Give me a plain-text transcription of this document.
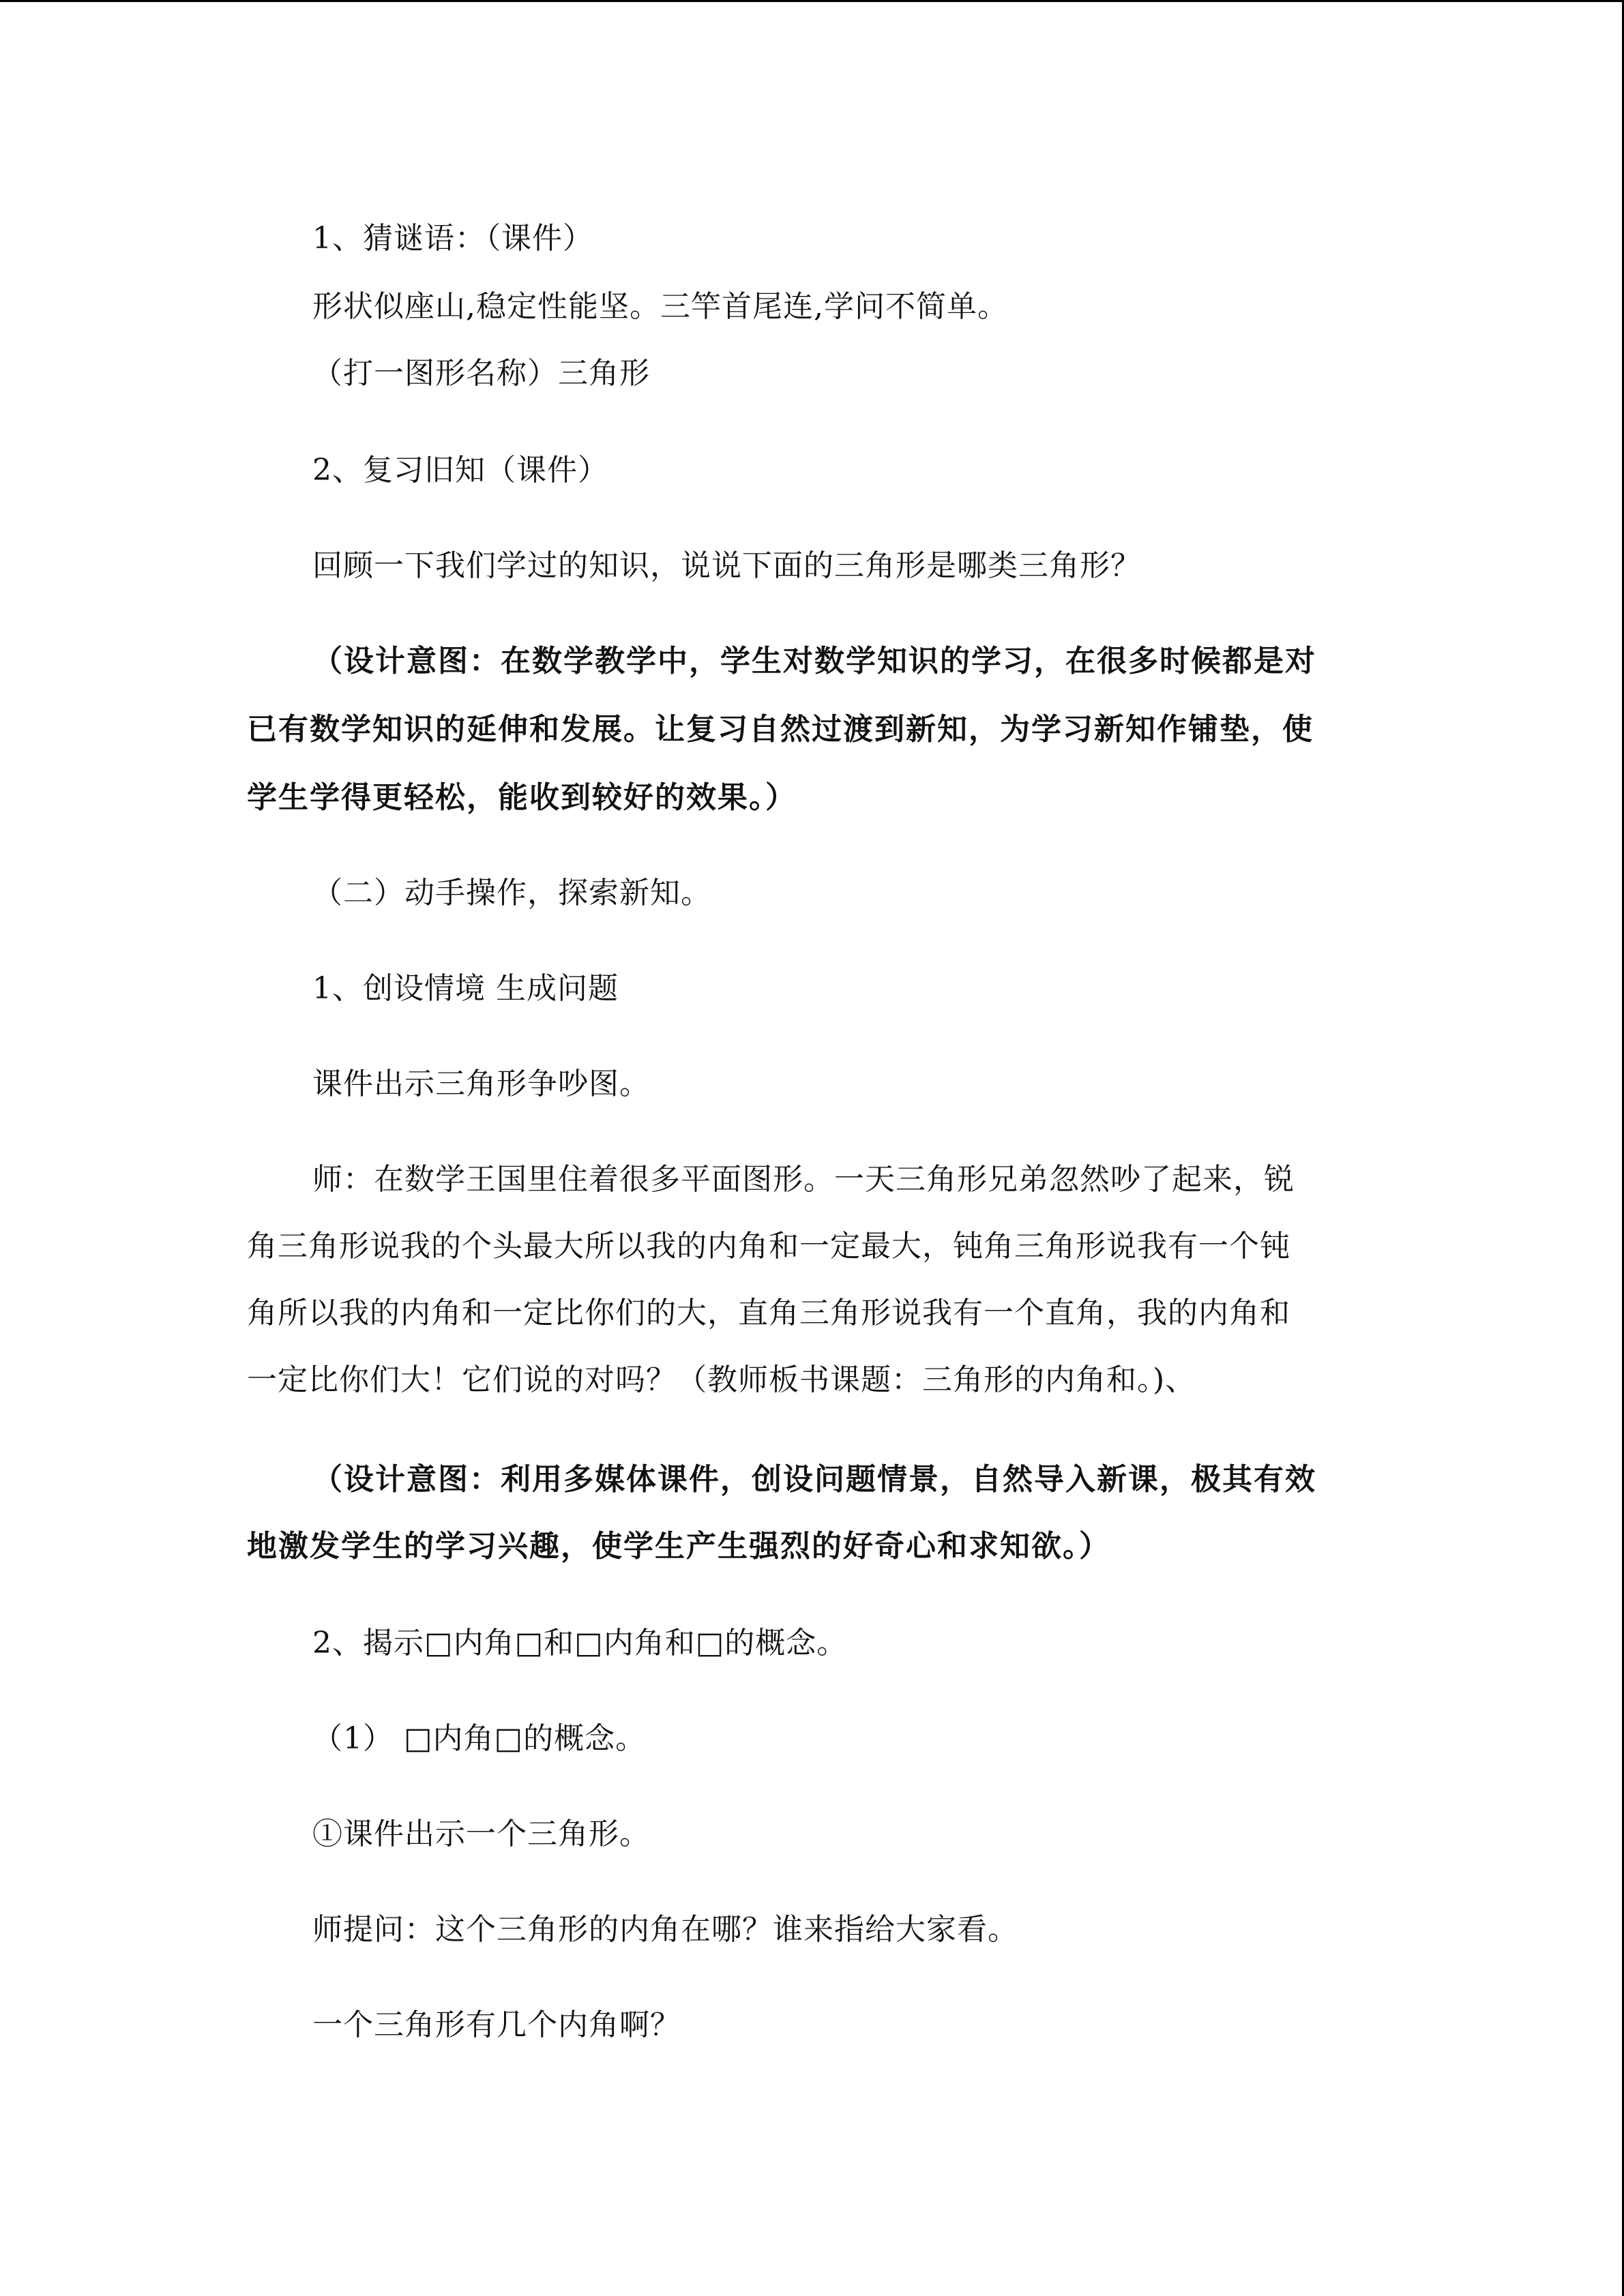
1、猜谜语：（课件）
形状似座山,稳定性能坚。三竿首尾连,学问不简单。
（打一图形名称）三角形
2、复习旧知（课件）
回顾一下我们学过的知识，说说下面的三角形是哪类三角形？
（设计意图：在数学教学中，学生对数学知识的学习，在很多时候都是对
已有数学知识的延伸和发展。让复习自然过渡到新知，为学习新知作铺垫，使
学生学得更轻松，能收到较好的效果。）
（二）动手操作，探索新知。
1、创设情境 生成问题
课件出示三角形争吵图。
师：在数学王国里住着很多平面图形。一天三角形兄弟忽然吵了起来，锐
角三角形说我的个头最大所以我的内角和一定最大，钝角三角形说我有一个钝
角所以我的内角和一定比你们的大，直角三角形说我有一个直角，我的内角和
一定比你们大！它们说的对吗？（教师板书课题：三角形的内角和。)、
（设计意图：利用多媒体课件，创设问题情景，自然导入新课，极其有效
地激发学生的学习兴趣，使学生产生强烈的好奇心和求知欲。）
2、揭示□内角□和□内角和□的概念。
（1） □内角□的概念。
①课件出示一个三角形。
师提问：这个三角形的内角在哪？谁来指给大家看。
一个三角形有几个内角啊？
